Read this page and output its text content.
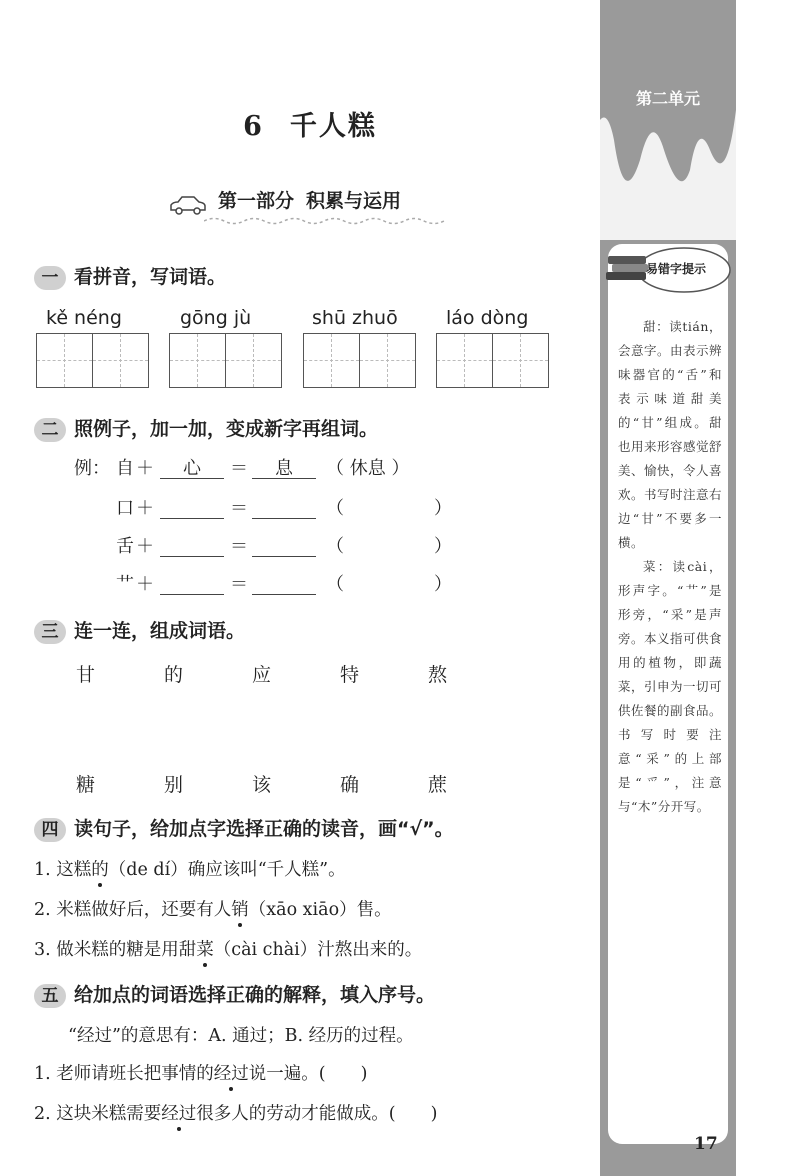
第二单元
易错字提示

甜：读tián，会意字。由表示辨味器官的“舌”和表示味道甜美的“甘”组成。甜也用来形容感觉舒美、愉快，令人喜欢。书写时注意右边“甘”不要多一横。

菜：读cài，形声字。“艹”是形旁，“采”是声旁。本义指可供食用的植物，即蔬菜，引申为一切可供佐餐的副食品。书写时要注意“采”的上部是“爫”，注意与“木”分开写。

17
6 千人糕
第一部分 积累与运用
一 看拼音，写词语。
kě néng	gōng jù	shū zhuō	láo dòng
二 照例子，加一加，变成新字再组词。
例： 自 ＋	心	＝	息	（ 休息 ）
口 ＋	＝	（　　　　　）
舌 ＋	＝	（　　　　　）
艹 ＋	＝	（　　　　　）
三 连一连，组成词语。
甘	的	应	特	熬
糖	别	该	确	蔗
四 读句子，给加点字选择正确的读音，画“√”。
1. 这糕的（de dí）确应该叫“千人糕”。
2. 米糕做好后，还要有人销（xāo xiāo）售。
3. 做米糕的糖是用甜菜（cài chài）汁熬出来的。
五 给加点的词语选择正确的解释，填入序号。
“经过”的意思有：A. 通过；B. 经历的过程。
1. 老师请班长把事情的经过说一遍。(　　)
2. 这块米糕需要经过很多人的劳动才能做成。(　　)
